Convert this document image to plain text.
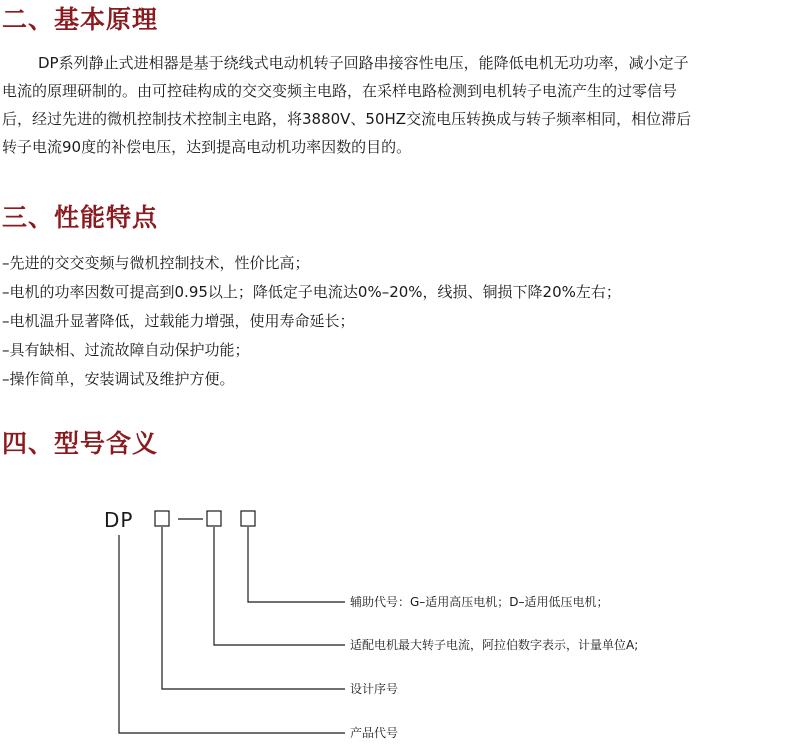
二、基本原理
DP系列静止式进相器是基于绕线式电动机转子回路串接容性电压，能降低电机无功功率，减小定子
电流的原理研制的。由可控硅构成的交交变频主电路，在采样电路检测到电机转子电流产生的过零信号
后，经过先进的微机控制技术控制主电路，将3880V、50HZ交流电压转换成与转子频率相同，相位滞后
转子电流90度的补偿电压，达到提高电动机功率因数的目的。
三、性能特点
–先进的交交变频与微机控制技术，性价比高；
–电机的功率因数可提高到0.95以上；降低定子电流达0%–20%，线损、铜损下降20%左右；
–电机温升显著降低，过载能力增强，使用寿命延长；
–具有缺相、过流故障自动保护功能；
–操作简单，安装调试及维护方便。
四、型号含义
DP
辅助代号：G–适用高压电机；D–适用低压电机；
适配电机最大转子电流，阿拉伯数字表示，计量单位A;
设计序号
产品代号
